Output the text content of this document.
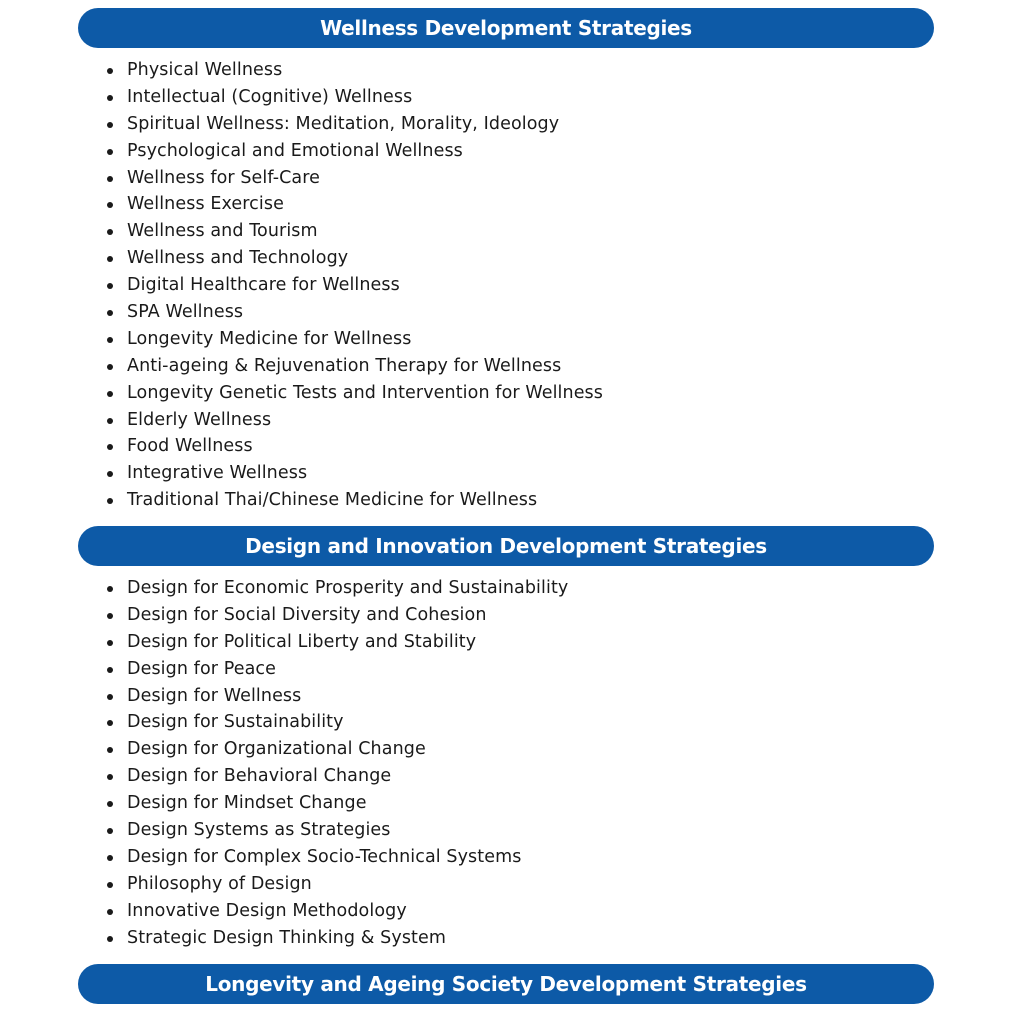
Wellness Development Strategies
Physical Wellness
Intellectual (Cognitive) Wellness
Spiritual Wellness: Meditation, Morality, Ideology
Psychological and Emotional Wellness
Wellness for Self-Care
Wellness Exercise
Wellness and Tourism
Wellness and Technology
Digital Healthcare for Wellness
SPA Wellness
Longevity Medicine for Wellness
Anti-ageing & Rejuvenation Therapy for Wellness
Longevity Genetic Tests and Intervention for Wellness
Elderly Wellness
Food Wellness
Integrative Wellness
Traditional Thai/Chinese Medicine for Wellness
Design and Innovation Development Strategies
Design for Economic Prosperity and Sustainability
Design for Social Diversity and Cohesion
Design for Political Liberty and Stability
Design for Peace
Design for Wellness
Design for Sustainability
Design for Organizational Change
Design for Behavioral Change
Design for Mindset Change
Design Systems as Strategies
Design for Complex Socio-Technical Systems
Philosophy of Design
Innovative Design Methodology
Strategic Design Thinking & System
Longevity and Ageing Society Development Strategies
